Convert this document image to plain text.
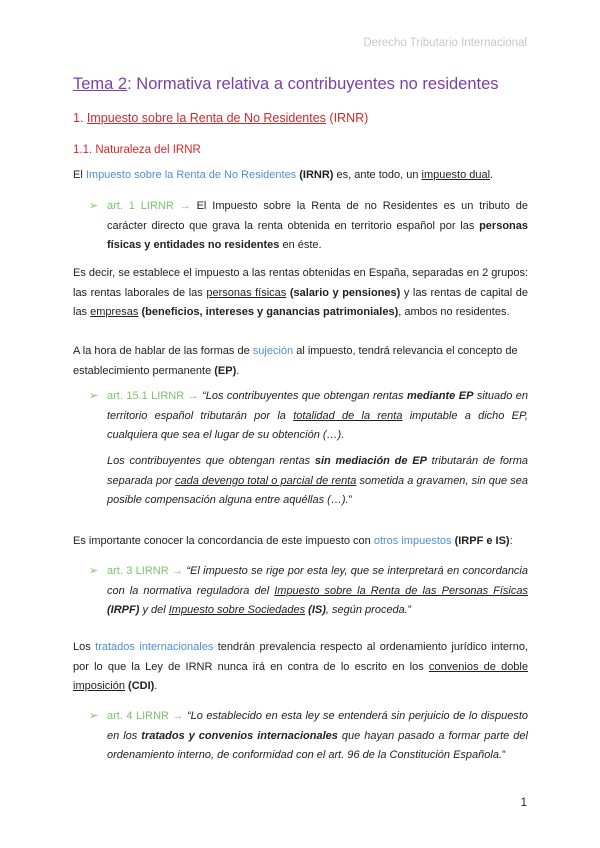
Derecho Tributario Internacional
Tema 2: Normativa relativa a contribuyentes no residentes
1. Impuesto sobre la Renta de No Residentes (IRNR)
1.1. Naturaleza del IRNR
El Impuesto sobre la Renta de No Residentes (IRNR) es, ante todo, un impuesto dual.
➢ art. 1 LIRNR → El Impuesto sobre la Renta de no Residentes es un tributo de carácter directo que grava la renta obtenida en territorio español por las personas físicas y entidades no residentes en éste.
Es decir, se establece el impuesto a las rentas obtenidas en España, separadas en 2 grupos: las rentas laborales de las personas físicas (salario y pensiones) y las rentas de capital de las empresas (beneficios, intereses y ganancias patrimoniales), ambos no residentes.
A la hora de hablar de las formas de sujeción al impuesto, tendrá relevancia el concepto de establecimiento permanente (EP).
➢ art. 15.1 LIRNR → “Los contribuyentes que obtengan rentas mediante EP situado en territorio español tributarán por la totalidad de la renta imputable a dicho EP, cualquiera que sea el lugar de su obtención (…).
Los contribuyentes que obtengan rentas sin mediación de EP tributarán de forma separada por cada devengo total o parcial de renta sometida a gravamen, sin que sea posible compensación alguna entre aquéllas (…).”
Es importante conocer la concordancia de este impuesto con otros impuestos (IRPF e IS):
➢ art. 3 LIRNR → “El impuesto se rige por esta ley, que se interpretará en concordancia con la normativa reguladora del Impuesto sobre la Renta de las Personas Físicas (IRPF) y del Impuesto sobre Sociedades (IS), según proceda.”
Los tratados internacionales tendrán prevalencia respecto al ordenamiento jurídico interno, por lo que la Ley de IRNR nunca irá en contra de lo escrito en los convenios de doble imposición (CDI).
➢ art. 4 LIRNR → “Lo establecido en esta ley se entenderá sin perjuicio de lo dispuesto en los tratados y convenios internacionales que hayan pasado a formar parte del ordenamiento interno, de conformidad con el art. 96 de la Constitución Española.”
1
